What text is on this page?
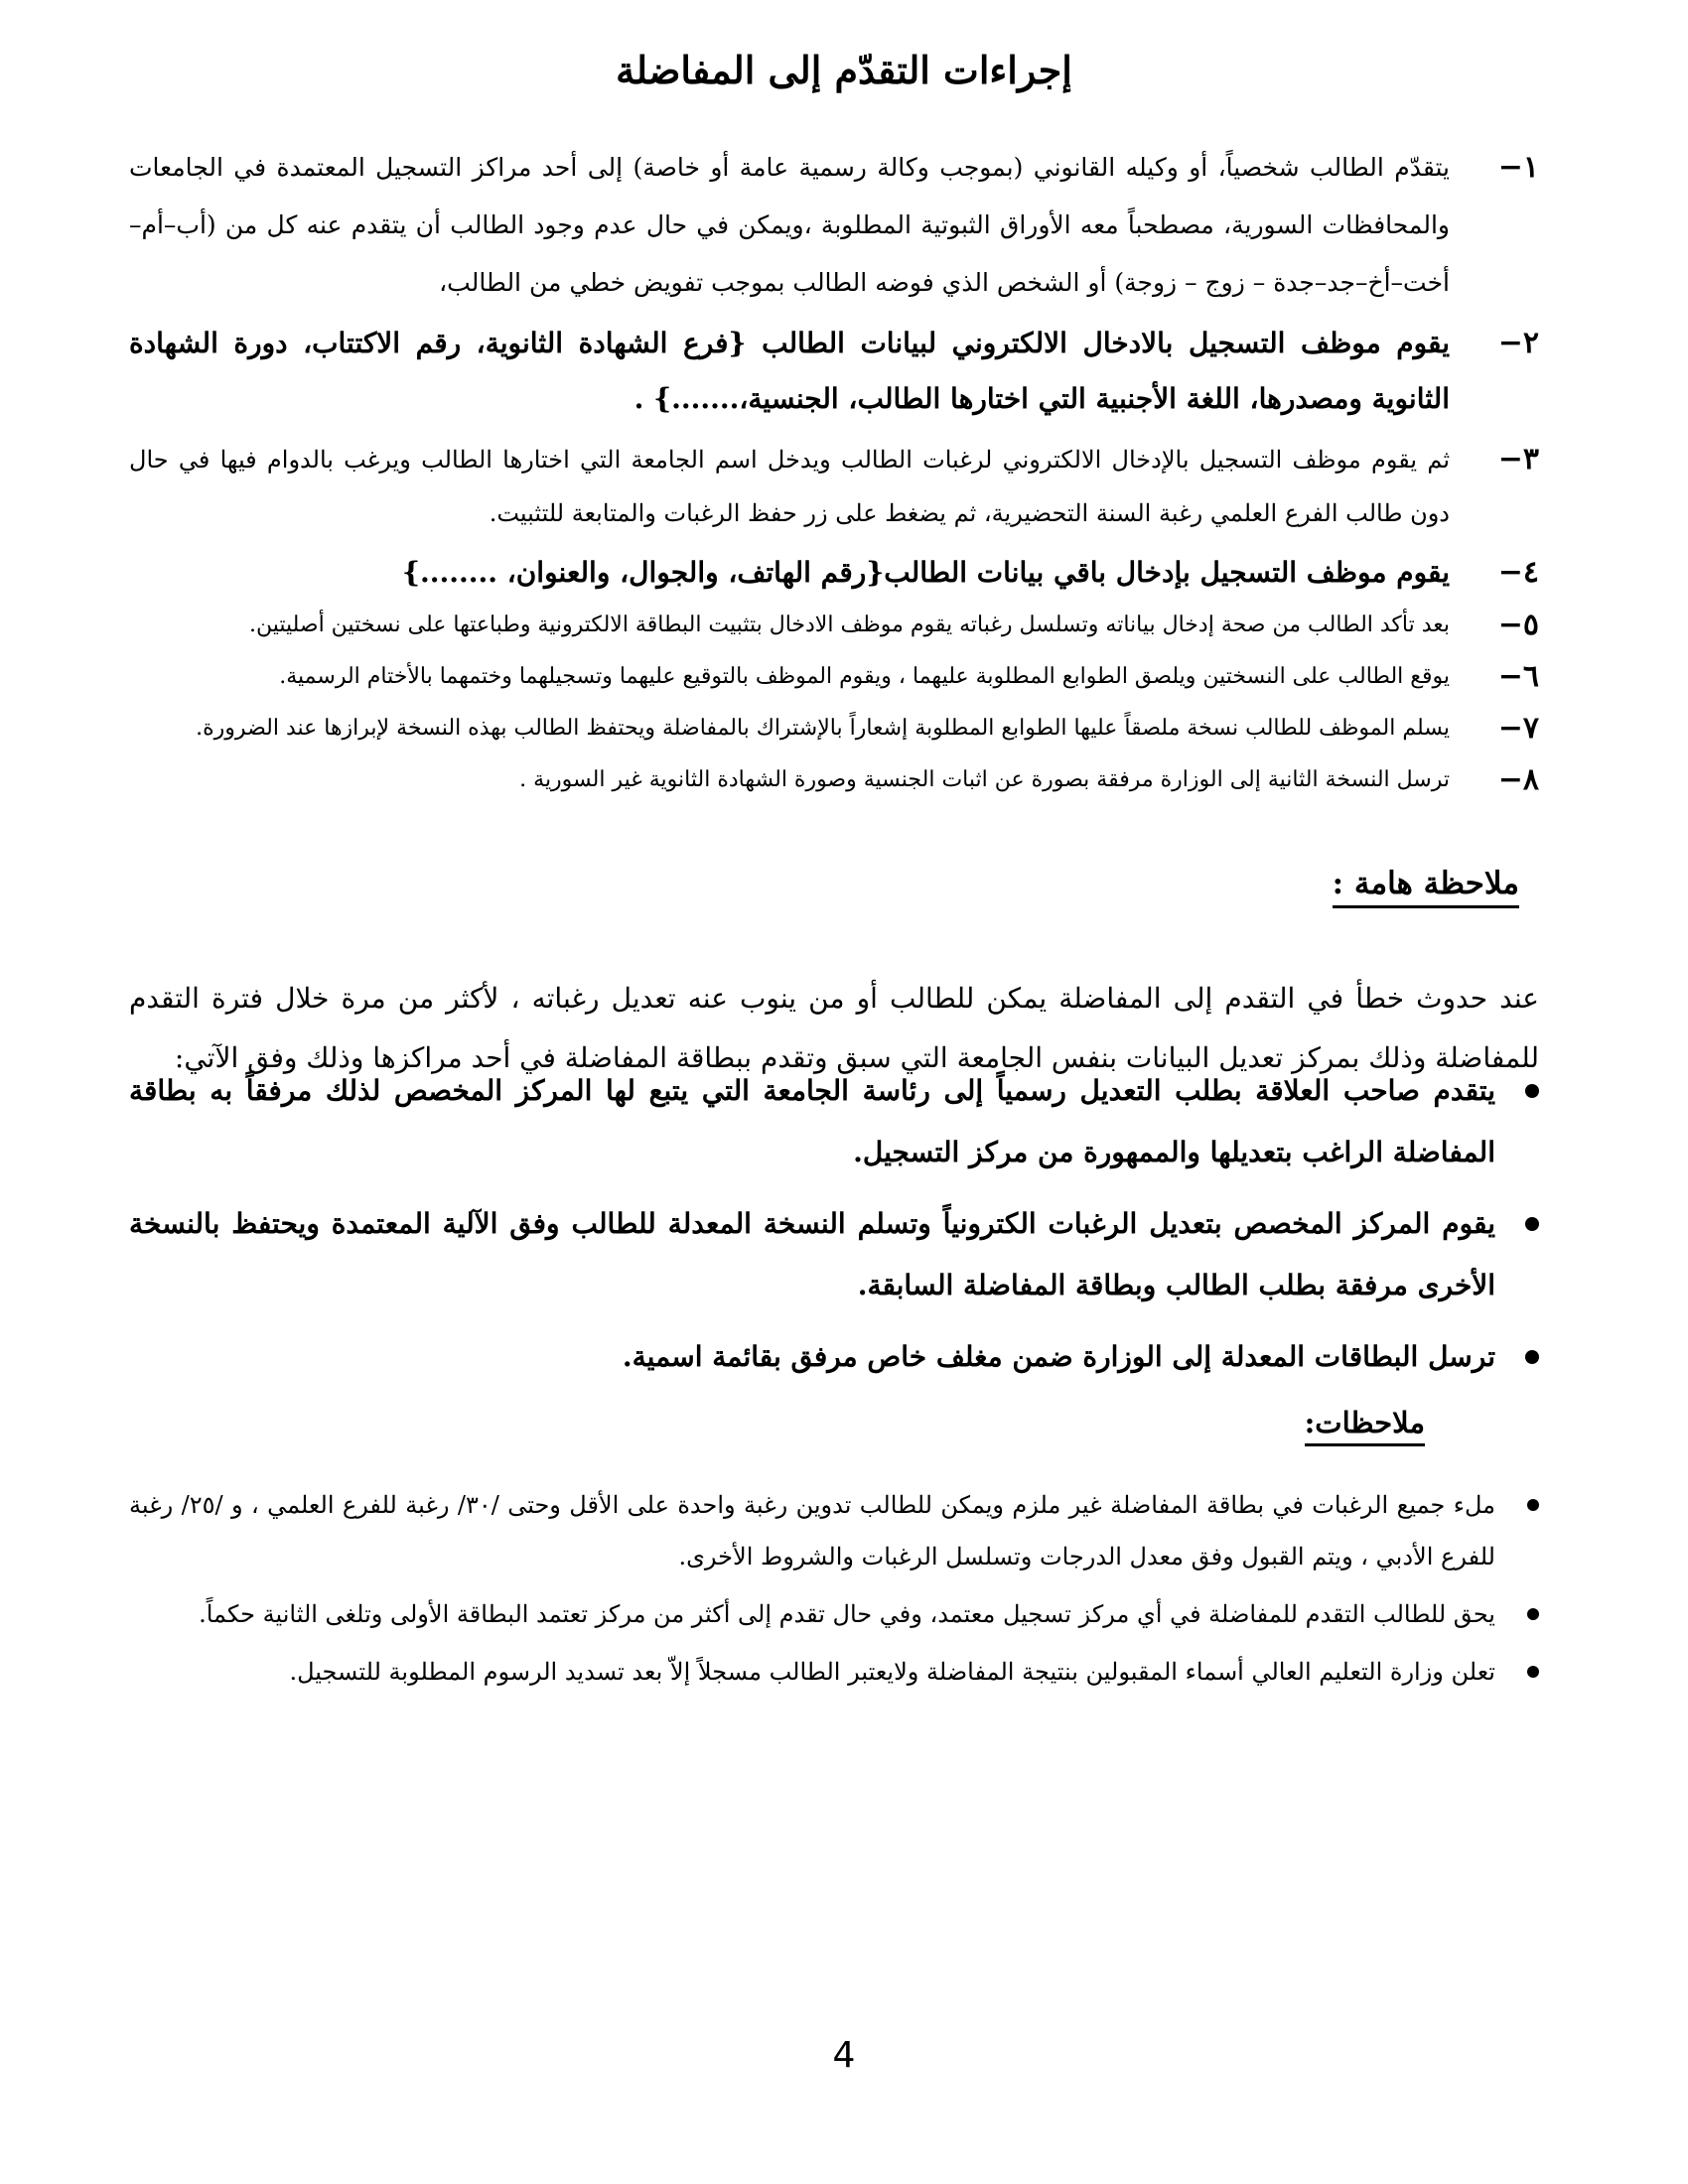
إجراءات التقدّم إلى المفاضلة
١−
يتقدّم الطالب شخصياً، أو وكيله القانوني (بموجب وكالة رسمية عامة أو خاصة) إلى أحد مراكز التسجيل المعتمدة في الجامعات والمحافظات السورية، مصطحباً معه الأوراق الثبوتية المطلوبة ،ويمكن في حال عدم وجود الطالب أن يتقدم عنه كل من (أب–أم–أخت–أخ–جد–جدة – زوج – زوجة) أو الشخص الذي فوضه الطالب بموجب تفويض خطي من الطالب،
٢−
يقوم موظف التسجيل بالادخال الالكتروني لبيانات الطالب {فرع الشهادة الثانوية، رقم الاكتتاب، دورة الشهادة الثانوية ومصدرها، اللغة الأجنبية التي اختارها الطالب، الجنسية،.......} .
٣−
ثم يقوم موظف التسجيل بالإدخال الالكتروني لرغبات الطالب ويدخل اسم الجامعة التي اختارها الطالب ويرغب بالدوام فيها في حال دون طالب الفرع العلمي رغبة السنة التحضيرية، ثم يضغط على زر حفظ الرغبات والمتابعة للتثبيت.
٤−
يقوم موظف التسجيل بإدخال باقي بيانات الطالب{رقم الهاتف، والجوال، والعنوان، ........}
٥−
بعد تأكد الطالب من صحة إدخال بياناته وتسلسل رغباته يقوم موظف الادخال بتثبيت البطاقة الالكترونية وطباعتها على نسختين أصليتين.
٦−
يوقع الطالب على النسختين ويلصق الطوابع المطلوبة عليهما ، ويقوم الموظف بالتوقيع عليهما وتسجيلهما وختمهما بالأختام الرسمية.
٧−
يسلم الموظف للطالب نسخة ملصقاً عليها الطوابع المطلوبة إشعاراً بالإشتراك بالمفاضلة ويحتفظ الطالب بهذه النسخة لإبرازها عند الضرورة.
٨−
ترسل النسخة الثانية إلى الوزارة مرفقة بصورة عن اثبات الجنسية وصورة الشهادة الثانوية غير السورية .
ملاحظة هامة :

عند حدوث خطأ في التقدم إلى المفاضلة يمكن للطالب أو من ينوب عنه تعديل رغباته ، لأكثر من مرة خلال فترة التقدم للمفاضلة وذلك بمركز تعديل البيانات بنفس الجامعة التي سبق وتقدم ببطاقة المفاضلة في أحد مراكزها وذلك وفق الآتي:

يتقدم صاحب العلاقة بطلب التعديل رسمياً إلى رئاسة الجامعة التي يتبع لها المركز المخصص لذلك مرفقاً به بطاقة المفاضلة الراغب بتعديلها والممهورة من مركز التسجيل.
يقوم المركز المخصص بتعديل الرغبات الكترونياً وتسلم النسخة المعدلة للطالب وفق الآلية المعتمدة ويحتفظ بالنسخة الأخرى مرفقة بطلب الطالب وبطاقة المفاضلة السابقة.
ترسل البطاقات المعدلة إلى الوزارة ضمن مغلف خاص مرفق بقائمة اسمية.
ملاحظات:
ملء جميع الرغبات في بطاقة المفاضلة غير ملزم ويمكن للطالب تدوين رغبة واحدة على الأقل وحتى /٣٠/ رغبة للفرع العلمي ، و /٢٥/ رغبة للفرع الأدبي ، ويتم القبول وفق معدل الدرجات وتسلسل الرغبات والشروط الأخرى.
يحق للطالب التقدم للمفاضلة في أي مركز تسجيل معتمد، وفي حال تقدم إلى أكثر من مركز تعتمد البطاقة الأولى وتلغى الثانية حكماً.
تعلن وزارة التعليم العالي أسماء المقبولين بنتيجة المفاضلة ولايعتبر الطالب مسجلاً إلاّ بعد تسديد الرسوم المطلوبة للتسجيل.
4
